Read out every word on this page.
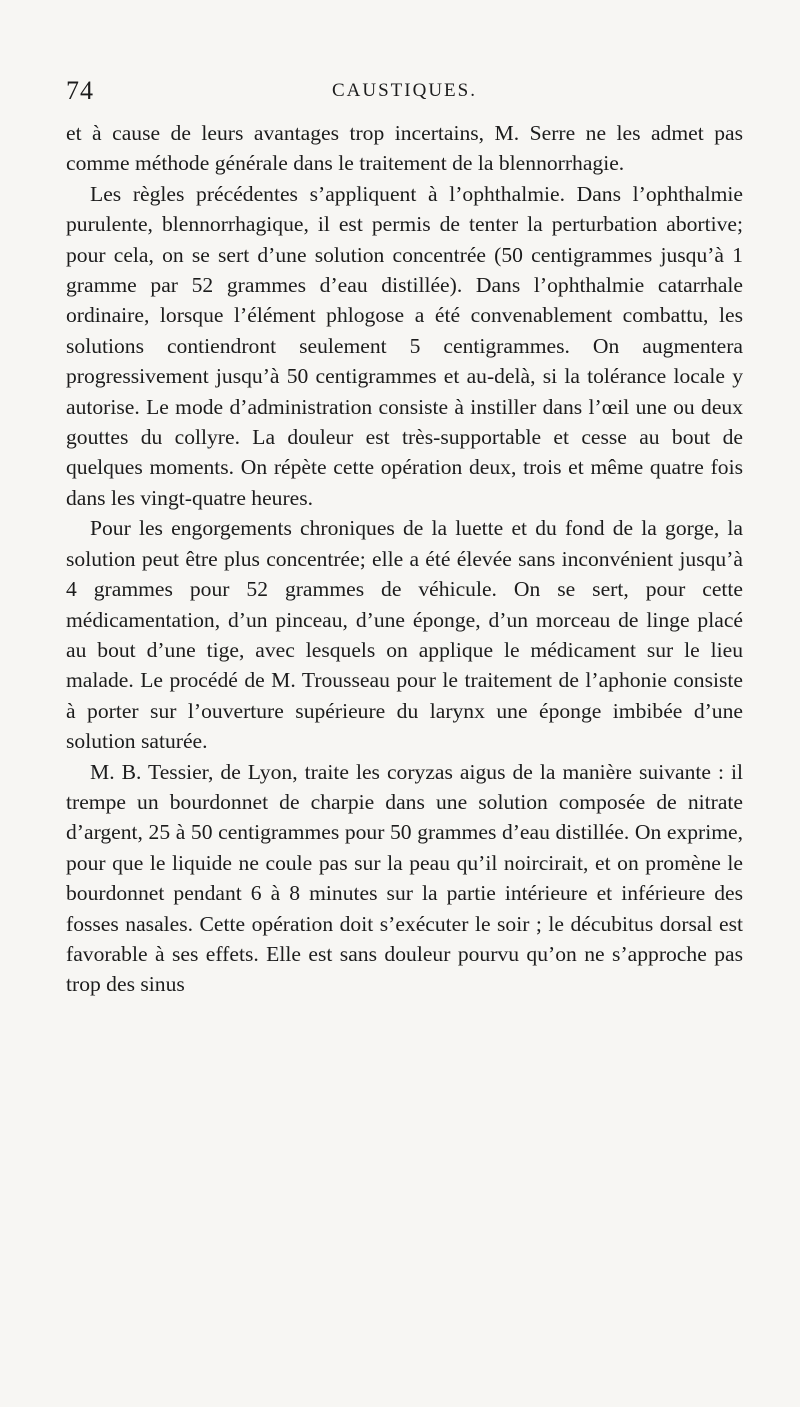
74	CAUSTIQUES.

et à cause de leurs avantages trop incertains, M. Serre ne les admet pas comme méthode générale dans le traitement de la blennorrhagie.

Les règles précédentes s’appliquent à l’ophthalmie. Dans l’ophthalmie purulente, blennorrhagique, il est permis de tenter la perturbation abortive; pour cela, on se sert d’une solution concentrée (50 centigrammes jusqu’à 1 gramme par 52 grammes d’eau distillée). Dans l’ophthalmie catarrhale ordinaire, lorsque l’élément phlogose a été convenablement combattu, les solutions contiendront seulement 5 centigrammes. On augmentera progressivement jusqu’à 50 centigrammes et au-delà, si la tolérance locale y autorise. Le mode d’administration consiste à instiller dans l’œil une ou deux gouttes du collyre. La douleur est très-supportable et cesse au bout de quelques moments. On répète cette opération deux, trois et même quatre fois dans les vingt-quatre heures.

Pour les engorgements chroniques de la luette et du fond de la gorge, la solution peut être plus concentrée; elle a été élevée sans inconvénient jusqu’à 4 grammes pour 52 grammes de véhicule. On se sert, pour cette médicamentation, d’un pinceau, d’une éponge, d’un morceau de linge placé au bout d’une tige, avec lesquels on applique le médicament sur le lieu malade. Le procédé de M. Trousseau pour le traitement de l’aphonie consiste à porter sur l’ouverture supérieure du larynx une éponge imbibée d’une solution saturée.

M. B. Tessier, de Lyon, traite les coryzas aigus de la manière suivante : il trempe un bourdonnet de charpie dans une solution composée de nitrate d’argent, 25 à 50 centigrammes pour 50 grammes d’eau distillée. On exprime, pour que le liquide ne coule pas sur la peau qu’il noircirait, et on promène le bourdonnet pendant 6 à 8 minutes sur la partie intérieure et inférieure des fosses nasales. Cette opération doit s’exécuter le soir ; le décubitus dorsal est favorable à ses effets. Elle est sans douleur pourvu qu’on ne s’approche pas trop des sinus
